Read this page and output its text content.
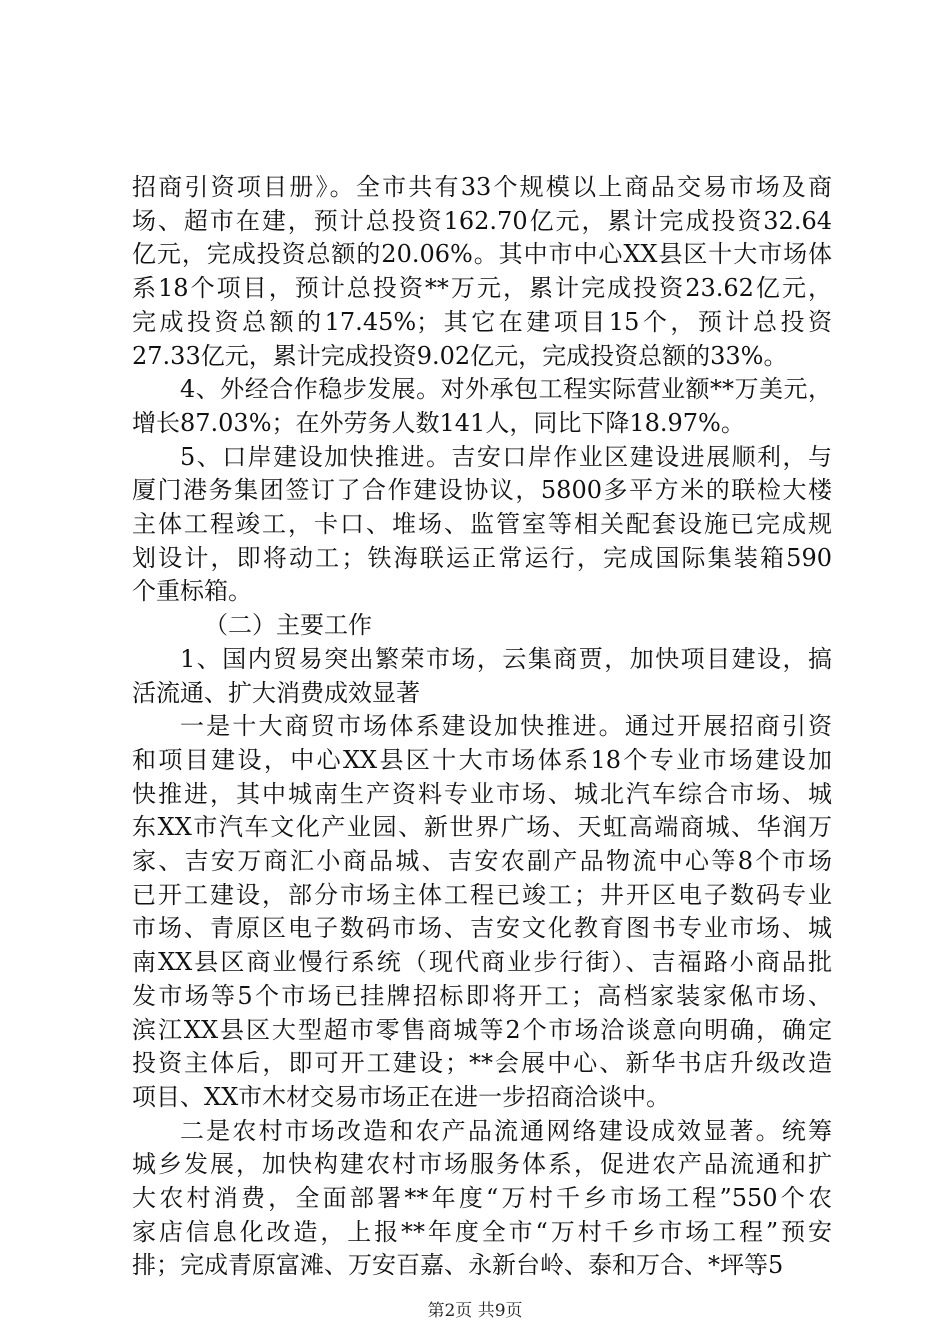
招商引资项目册》。全市共有33个规模以上商品交易市场及商
场、超市在建，预计总投资162.70亿元，累计完成投资32.64
亿元，完成投资总额的20.06%。其中市中心XX县区十大市场体
系18个项目，预计总投资**万元，累计完成投资23.62亿元，
完成投资总额的17.45%；其它在建项目15个，预计总投资
27.33亿元，累计完成投资9.02亿元，完成投资总额的33%。
4、外经合作稳步发展。对外承包工程实际营业额**万美元，
增长87.03%；在外劳务人数141人，同比下降18.97%。
5、口岸建设加快推进。吉安口岸作业区建设进展顺利，与
厦门港务集团签订了合作建设协议，5800多平方米的联检大楼
主体工程竣工，卡口、堆场、监管室等相关配套设施已完成规
划设计，即将动工；铁海联运正常运行，完成国际集装箱590
个重标箱。
（二）主要工作
1、国内贸易突出繁荣市场，云集商贾，加快项目建设，搞
活流通、扩大消费成效显著
一是十大商贸市场体系建设加快推进。通过开展招商引资
和项目建设，中心XX县区十大市场体系18个专业市场建设加
快推进，其中城南生产资料专业市场、城北汽车综合市场、城
东XX市汽车文化产业园、新世界广场、天虹高端商城、华润万
家、吉安万商汇小商品城、吉安农副产品物流中心等8个市场
已开工建设，部分市场主体工程已竣工；井开区电子数码专业
市场、青原区电子数码市场、吉安文化教育图书专业市场、城
南XX县区商业慢行系统（现代商业步行街）、吉福路小商品批
发市场等5个市场已挂牌招标即将开工；高档家装家俬市场、
滨江XX县区大型超市零售商城等2个市场洽谈意向明确，确定
投资主体后，即可开工建设；**会展中心、新华书店升级改造
项目、XX市木材交易市场正在进一步招商洽谈中。
二是农村市场改造和农产品流通网络建设成效显著。统筹
城乡发展，加快构建农村市场服务体系，促进农产品流通和扩
大农村消费，全面部署**年度“万村千乡市场工程”550个农
家店信息化改造，上报**年度全市“万村千乡市场工程”预安
排；完成青原富滩、万安百嘉、永新台岭、泰和万合、*坪等5
第2页 共9页
